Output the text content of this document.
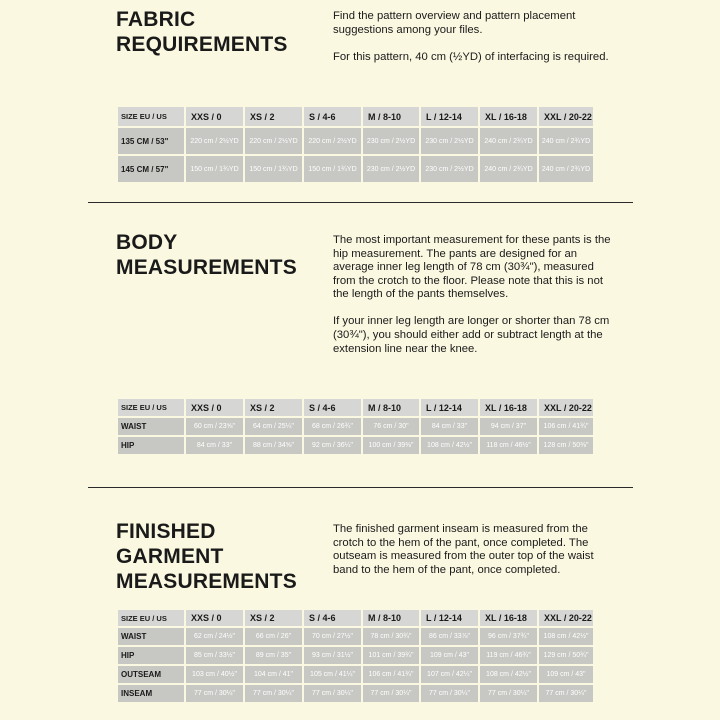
FABRIC
REQUIREMENTS

Find the pattern overview and pattern placement suggestions among your files.

For this pattern, 40 cm (½YD) of interfacing is required.

SIZE EU / US	XXS / 0	XS / 2	S / 4-6	M / 8-10	L / 12-14	XL / 16-18	XXL / 20-22

135 CM / 53"	220 cm / 2½YD	220 cm / 2½YD	220 cm / 2½YD	230 cm / 2½YD	230 cm / 2½YD	240 cm / 2¾YD	240 cm / 2¾YD

145 CM / 57"	150 cm / 1¾YD	150 cm / 1¾YD	150 cm / 1¾YD	230 cm / 2½YD	230 cm / 2½YD	240 cm / 2¾YD	240 cm / 2¾YD
BODY
MEASUREMENTS

The most important measurement for these pants is the hip measurement. The pants are designed for an average inner leg length of 78 cm (30¾"), measured from the crotch to the floor. Please note that this is not the length of the pants themselves.

If your inner leg length are longer or shorter than 78 cm (30¾"), you should either add or subtract length at the extension line near the knee.

SIZE EU / US	XXS / 0	XS / 2	S / 4-6	M / 8-10	L / 12-14	XL / 16-18	XXL / 20-22

WAIST	60 cm / 23⅝"	64 cm / 25¼"	68 cm / 26¾"	76 cm / 30"	84 cm / 33"	94 cm / 37"	106 cm / 41¾"

HIP	84 cm / 33"	88 cm / 34⅝"	92 cm / 36¼"	100 cm / 39⅜"	108 cm / 42½"	118 cm / 46½"	128 cm / 50⅜"
FINISHED
GARMENT
MEASUREMENTS

The finished garment inseam is measured from the crotch to the hem of the pant, once completed. The outseam is measured from the outer top of the waist band to the hem of the pant, once completed.

SIZE EU / US	XXS / 0	XS / 2	S / 4-6	M / 8-10	L / 12-14	XL / 16-18	XXL / 20-22

WAIST	62 cm / 24½"	66 cm / 26"	70 cm / 27½"	78 cm / 30¾"	86 cm / 33⅞"	96 cm / 37¾"	108 cm / 42½"

HIP	85 cm / 33½"	89 cm / 35"	93 cm / 31½"	101 cm / 39¾"	109 cm / 43"	119 cm / 46¾"	129 cm / 50¾"

OUTSEAM	103 cm / 40½"	104 cm / 41"	105 cm / 41¼"	106 cm / 41¾"	107 cm / 42¼"	108 cm / 42½"	109 cm / 43"

INSEAM	77 cm / 30¼"	77 cm / 30¼"	77 cm / 30¼"	77 cm / 30¼"	77 cm / 30¼"	77 cm / 30¼"	77 cm / 30¼"
